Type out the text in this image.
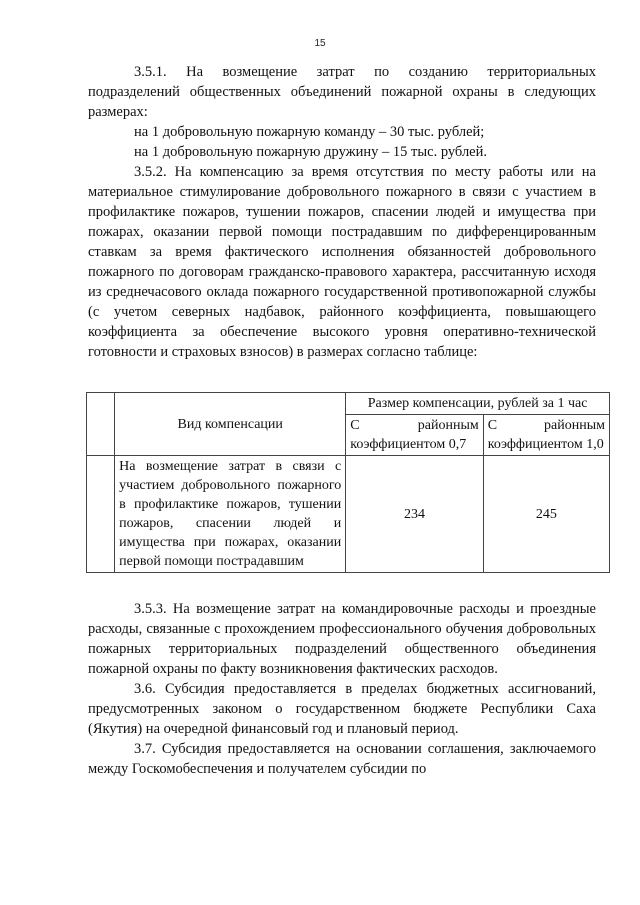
15

3.5.1. На возмещение затрат по созданию территориальных подразделений общественных объединений пожарной охраны в следующих размерах:

на 1 добровольную пожарную команду – 30 тыс. рублей;

на 1 добровольную пожарную дружину – 15 тыс. рублей.

3.5.2. На компенсацию за время отсутствия по месту работы или на материальное стимулирование добровольного пожарного в связи с участием в профилактике пожаров, тушении пожаров, спасении людей и имущества при пожарах, оказании первой помощи пострадавшим по дифференцированным ставкам за время фактического исполнения обязанностей добровольного пожарного по договорам гражданско-правового характера, рассчитанную исходя из среднечасового оклада пожарного государственной противопожарной службы (с учетом северных надбавок, районного коэффициента, повышающего коэффициента за обеспечение высокого уровня оперативно-технической готовности и страховых взносов) в размерах согласно таблице:

	Вид компенсации	Размер компенсации, рублей за 1 час	
		С районным коэффициентом 0,7	С районным коэффициентом 1,0
	На возмещение затрат в связи с участием добровольного пожарного в профилактике пожаров, тушении пожаров, спасении людей и имущества при пожарах, оказании первой помощи пострадавшим	234	245

3.5.3. На возмещение затрат на командировочные расходы и проездные расходы, связанные с прохождением профессионального обучения добровольных пожарных территориальных подразделений общественного объединения пожарной охраны по факту возникновения фактических расходов.

3.6. Субсидия предоставляется в пределах бюджетных ассигнований, предусмотренных законом о государственном бюджете Республики Саха (Якутия) на очередной финансовый год и плановый период.

3.7. Субсидия предоставляется на основании соглашения, заключаемого между Госкомобеспечения и получателем субсидии по
